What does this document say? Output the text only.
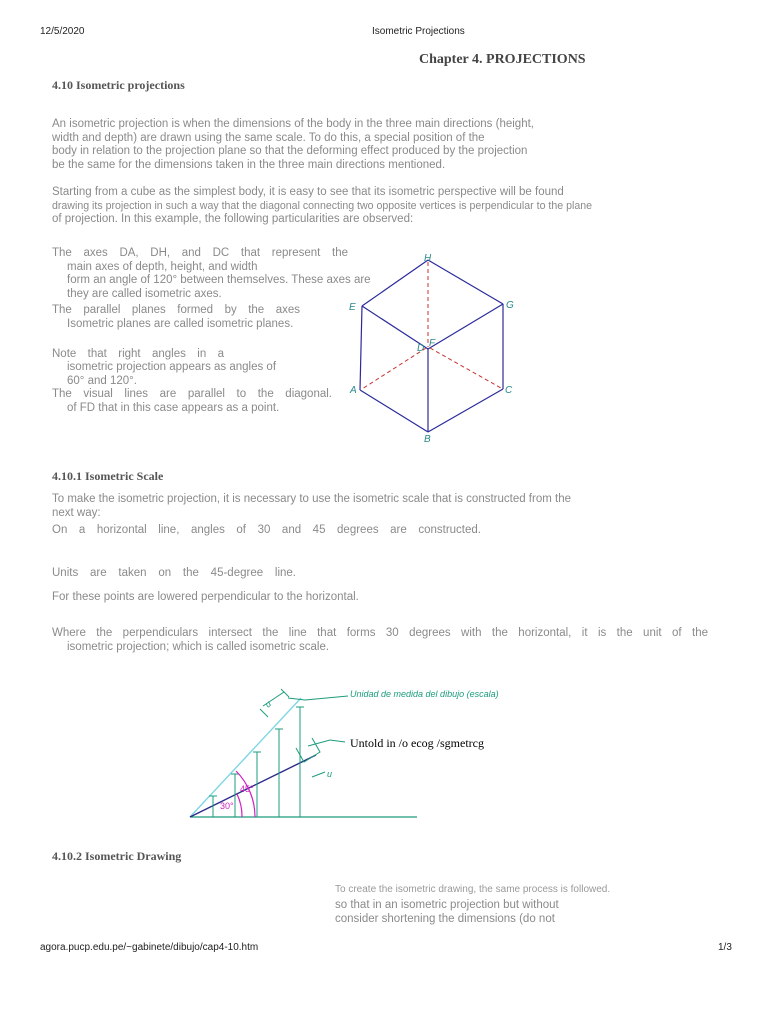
12/5/2020	Isometric Projections
Chapter 4. PROJECTIONS
4.10 Isometric projections
An isometric projection is when the dimensions of the body in the three main directions (height,
width and depth) are drawn using the same scale. To do this, a special position of the
body in relation to the projection plane so that the deforming effect produced by the projection
be the same for the dimensions taken in the three main directions mentioned.
Starting from a cube as the simplest body, it is easy to see that its isometric perspective will be found
drawing its projection in such a way that the diagonal connecting two opposite vertices is perpendicular to the plane
of projection. In this example, the following particularities are observed:
The axes DA, DH, and DC that represent the
main axes of depth, height, and width
form an angle of 120° between themselves. These axes are
they are called isometric axes.
The parallel planes formed by the axes
Isometric planes are called isometric planes.
Note that right angles in a
isometric projection appears as angles of
60° and 120°.
The visual lines are parallel to the diagonal.
of FD that in this case appears as a point.
H
E	G
D F
A	C
B
4.10.1 Isometric Scale
To make the isometric projection, it is necessary to use the isometric scale that is constructed from the
next way:
On a horizontal line, angles of 30 and 45 degrees are constructed.
Units are taken on the 45-degree line.
For these points are lowered perpendicular to the horizontal.
Where the perpendiculars intersect the line that forms 30 degrees with the horizontal, it is the unit of the
isometric projection; which is called isometric scale.
u
Unidad de medida del dibujo (escala)
Untold in /o ecog /sgmetrcg
u
45°
30°
4.10.2 Isometric Drawing
To create the isometric drawing, the same process is followed.
so that in an isometric projection but without
consider shortening the dimensions (do not
agora.pucp.edu.pe/~gabinete/dibujo/cap4-10.htm	1/3
